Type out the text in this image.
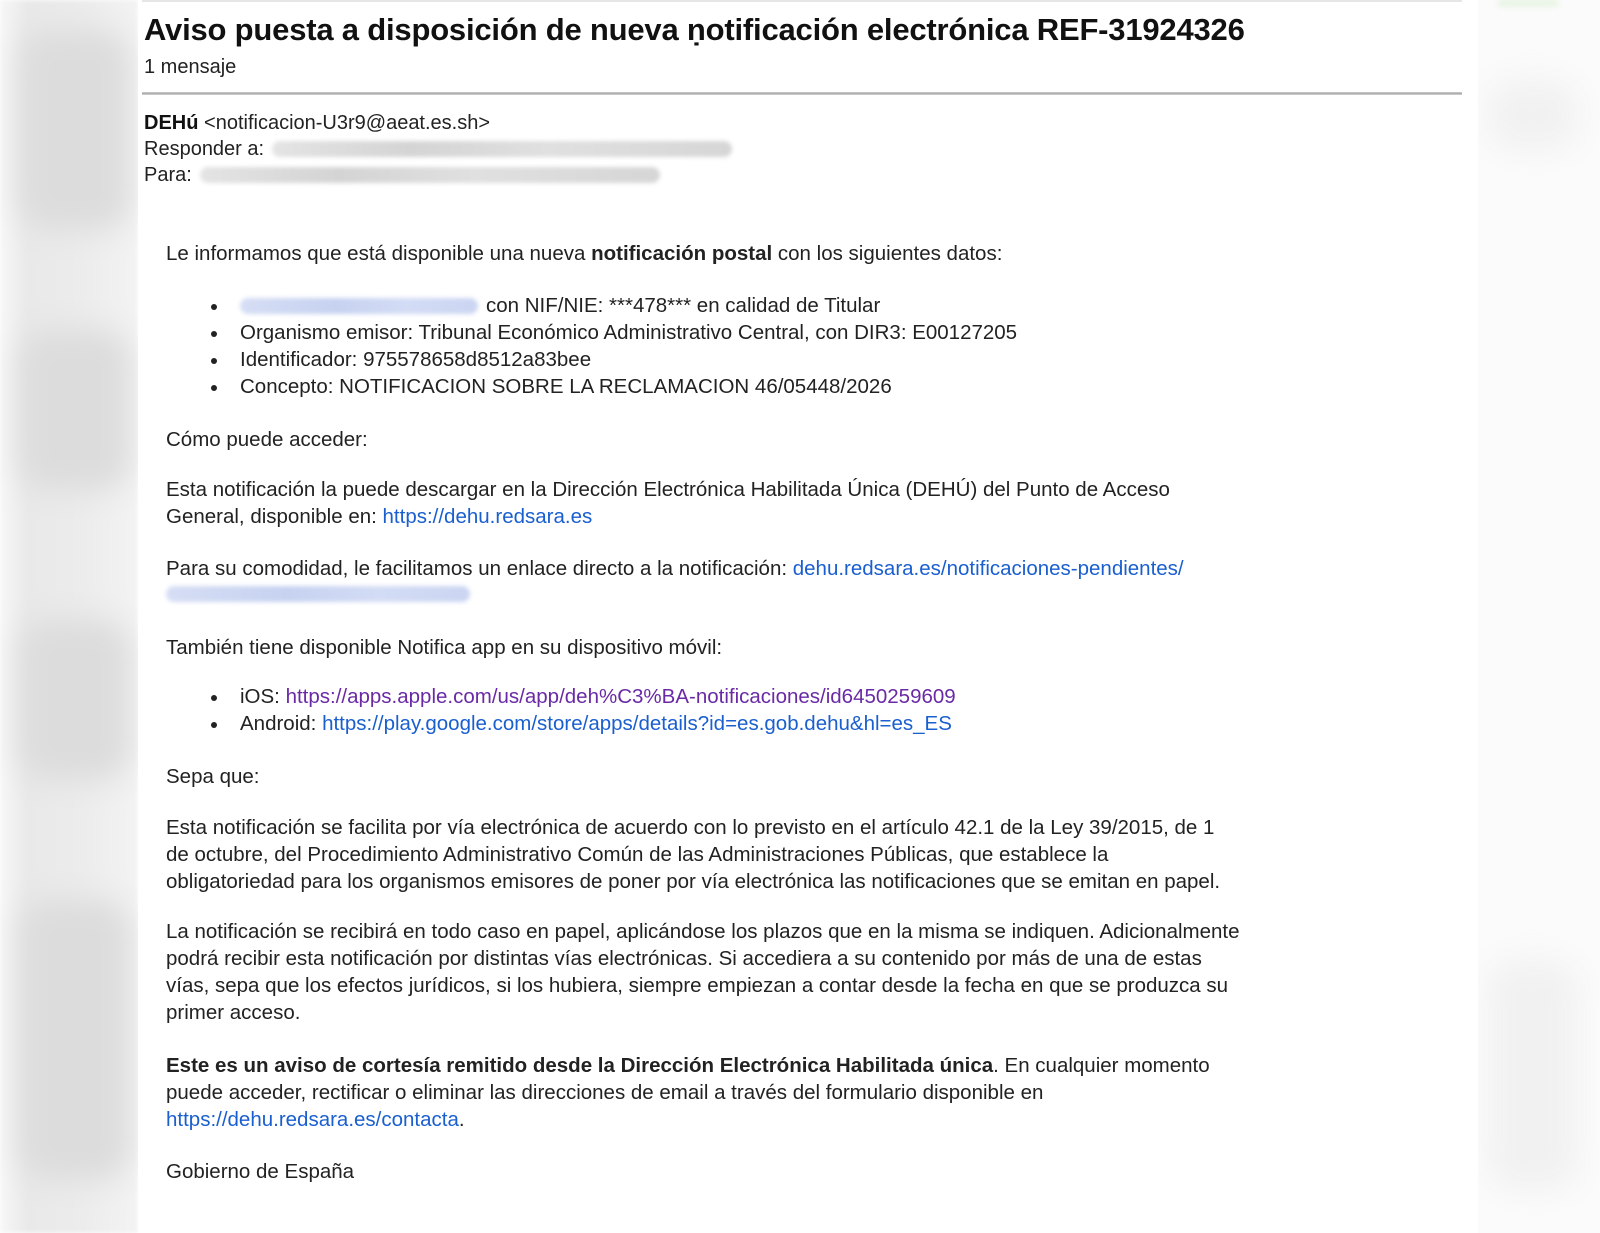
Aviso puesta a disposición de nueva ṇotificación electrónica REF-31924326
1 mensaje
DEHú
<notificacion-U3r9@aeat.es.sh>
Responder a:
Para:

Le informamos que está disponible una nueva notificación postal con los siguientes datos:

con NIF/NIE: ***478*** en calidad de Titular
Organismo emisor: Tribunal Económico Administrativo Central, con DIR3: E00127205
Identificador: 975578658d8512a83bee
Concepto: NOTIFICACION SOBRE LA RECLAMACION 46/05448/2026

Cómo puede acceder:

Esta notificación la puede descargar en la Dirección Electrónica Habilitada Única (DEHÚ) del Punto de Acceso
General, disponible en: https://dehu.redsara.es

Para su comodidad, le facilitamos un enlace directo a la notificación: dehu.redsara.es/notificaciones-pendientes/

También tiene disponible Notifica app en su dispositivo móvil:

iOS: https://apps.apple.com/us/app/deh%C3%BA-notificaciones/id6450259609
Android: https://play.google.com/store/apps/details?id=es.gob.dehu&hl=es_ES

Sepa que:

Esta notificación se facilita por vía electrónica de acuerdo con lo previsto en el artículo 42.1 de la Ley 39/2015, de 1
de octubre, del Procedimiento Administrativo Común de las Administraciones Públicas, que establece la
obligatoriedad para los organismos emisores de poner por vía electrónica las notificaciones que se emitan en papel.

La notificación se recibirá en todo caso en papel, aplicándose los plazos que en la misma se indiquen. Adicionalmente
podrá recibir esta notificación por distintas vías electrónicas. Si accediera a su contenido por más de una de estas
vías, sepa que los efectos jurídicos, si los hubiera, siempre empiezan a contar desde la fecha en que se produzca su
primer acceso.

Este es un aviso de cortesía remitido desde la Dirección Electrónica Habilitada única. En cualquier momento
puede acceder, rectificar o eliminar las direcciones de email a través del formulario disponible en
https://dehu.redsara.es/contacta.

Gobierno de España
